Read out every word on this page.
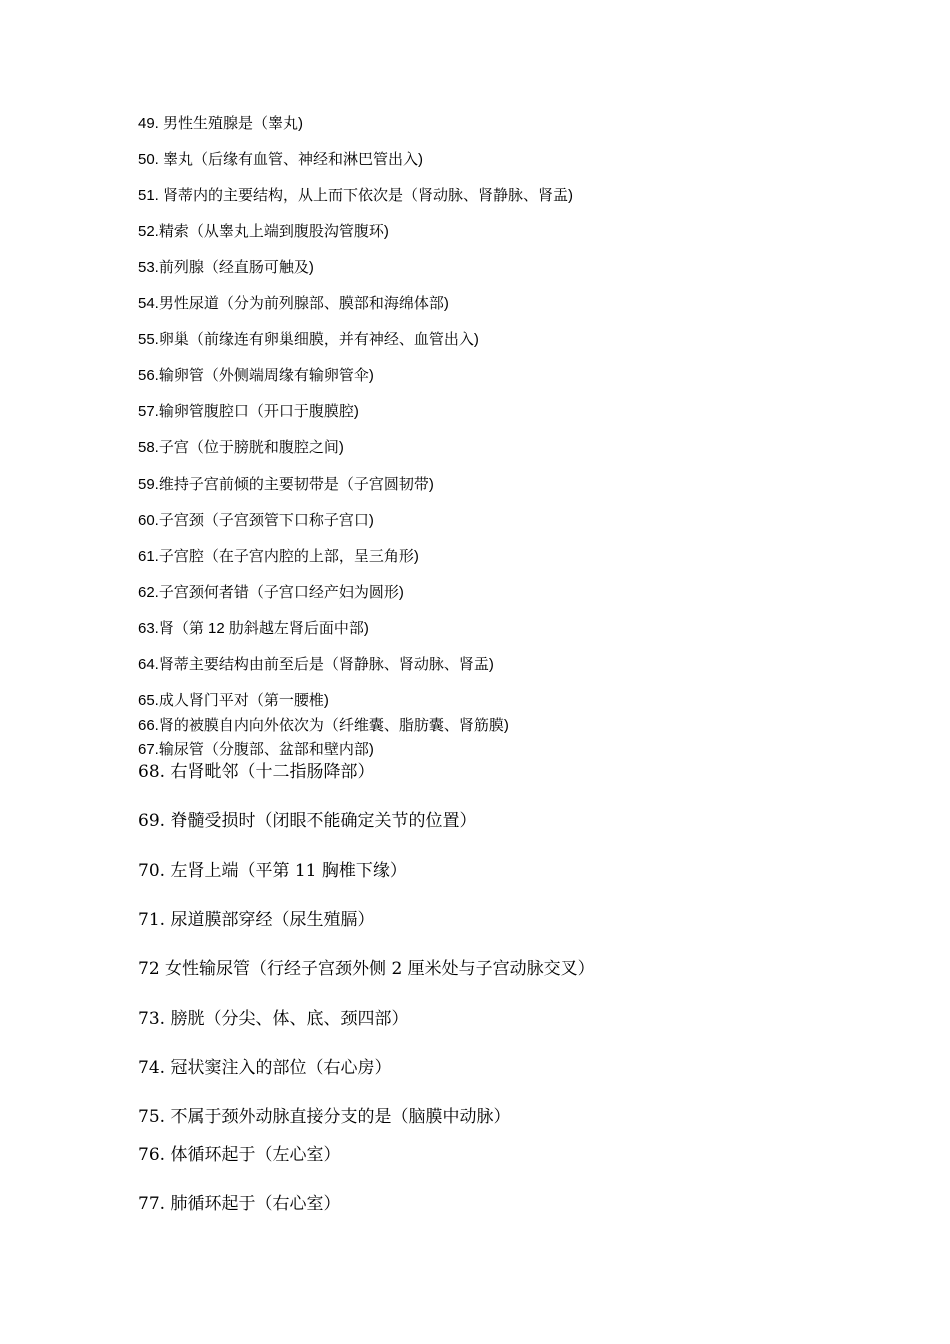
49. 男性生殖腺是（睾丸)
50. 睾丸（后缘有血管、神经和淋巴管出入)
51. 肾蒂内的主要结构，从上而下依次是（肾动脉、肾静脉、肾盂)
52.精索（从睾丸上端到腹股沟管腹环)
53.前列腺（经直肠可触及)
54.男性尿道（分为前列腺部、膜部和海绵体部)
55.卵巢（前缘连有卵巢细膜，并有神经、血管出入)
56.输卵管（外侧端周缘有输卵管伞)
57.输卵管腹腔口（开口于腹膜腔)
58.子宫（位于膀胱和腹腔之间)
59.维持子宫前倾的主要韧带是（子宫圆韧带)
60.子宫颈（子宫颈管下口称子宫口)
61.子宫腔（在子宫内腔的上部，呈三角形)
62.子宫颈何者错（子宫口经产妇为圆形)
63.肾（第 12 肋斜越左肾后面中部)
64.肾蒂主要结构由前至后是（肾静脉、肾动脉、肾盂)
65.成人肾门平对（第一腰椎)
66.肾的被膜自内向外依次为（纤维囊、脂肪囊、肾筋膜)
67.输尿管（分腹部、盆部和壁内部)
68. 右肾毗邻（十二指肠降部）
69. 脊髓受损时（闭眼不能确定关节的位置）
70. 左肾上端（平第 11 胸椎下缘）
71. 尿道膜部穿经（尿生殖膈）
72 女性输尿管（行经子宫颈外侧 2 厘米处与子宫动脉交叉）
73. 膀胱（分尖、体、底、颈四部）
74. 冠状窦注入的部位（右心房）
75. 不属于颈外动脉直接分支的是（脑膜中动脉）
76. 体循环起于（左心室）
77. 肺循环起于（右心室）
